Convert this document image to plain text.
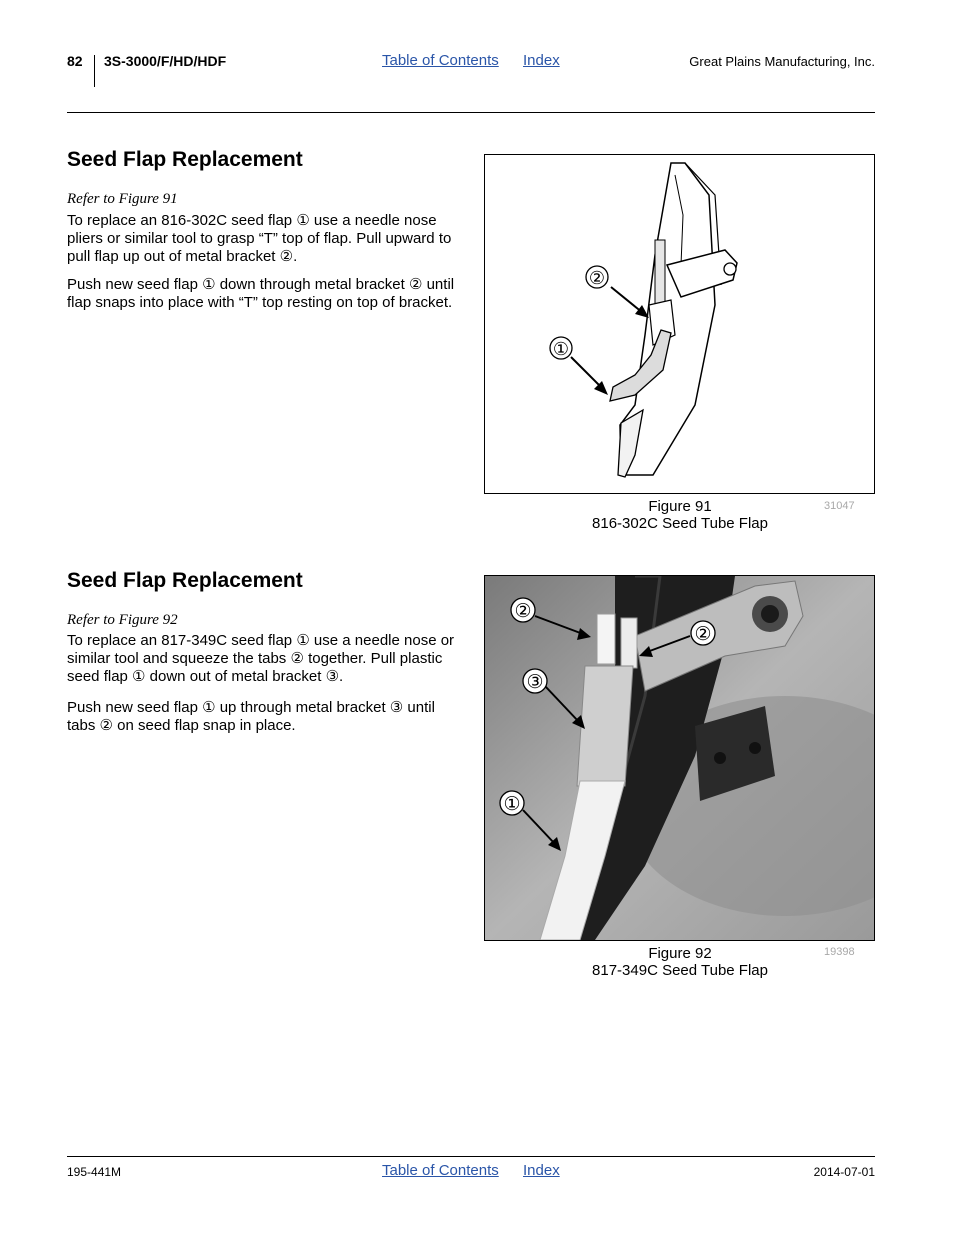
82 3S-3000/F/HD/HDF	Table of Contents Index	Great Plains Manufacturing, Inc.
Seed Flap Replacement
Refer to Figure 91

To replace an 816-302C seed flap ① use a needle nose pliers or similar tool to grasp “T” top of flap. Pull upward to pull flap up out of metal bracket ②.

Push new seed flap ① down through metal bracket ② until flap snaps into place with “T” top resting on top of bracket.

②
①
Figure 91
816-302C Seed Tube Flap
31047
Seed Flap Replacement
Refer to Figure 92

To replace an 817-349C seed flap ① use a needle nose or similar tool and squeeze the tabs ② together. Pull plastic seed flap ① down out of metal bracket ③.

Push new seed flap ① up through metal bracket ③ until tabs ② on seed flap snap in place.

②
②
③
①
Figure 92
817-349C Seed Tube Flap
19398
195-441M	Table of Contents Index	2014-07-01
